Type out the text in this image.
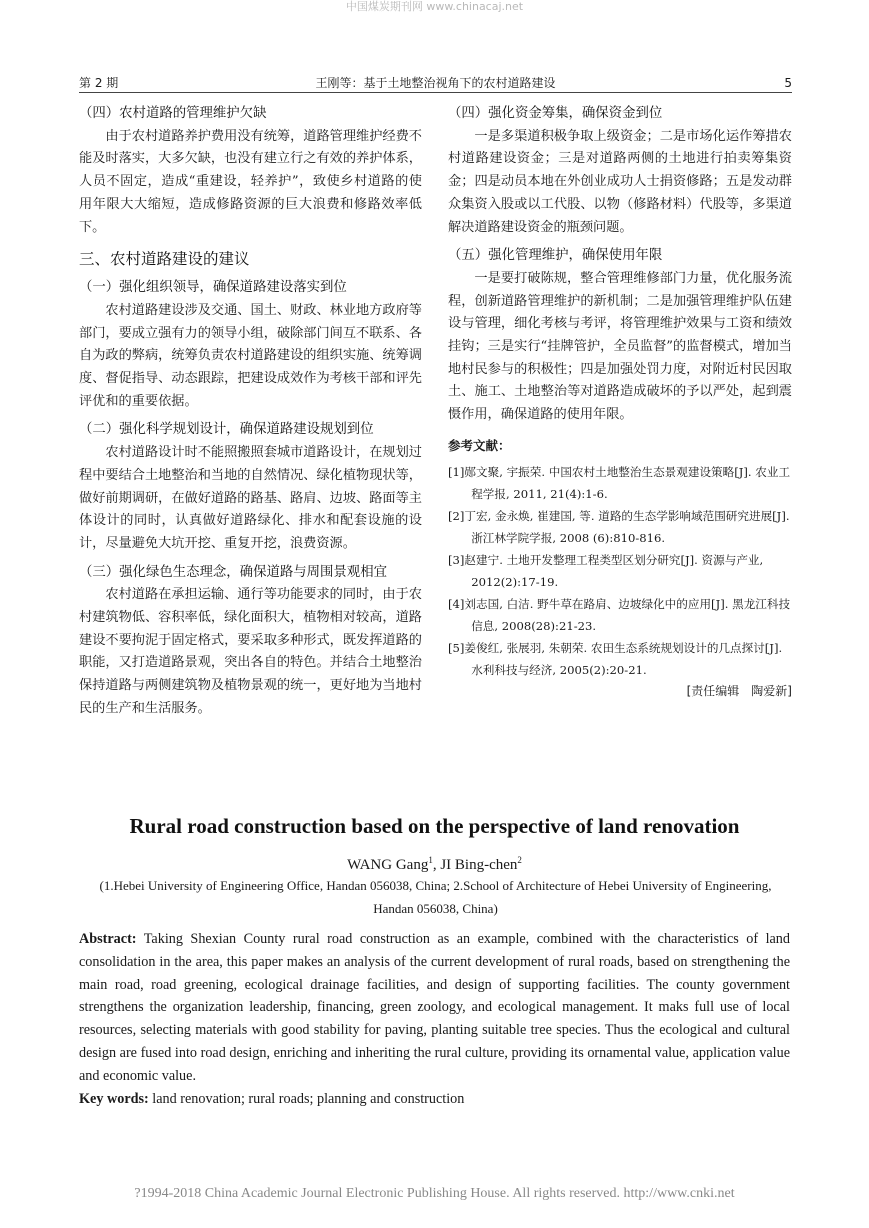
中国煤炭期刊网 www.chinacaj.net
第 2 期	王刚等：基于土地整治视角下的农村道路建设	5
（四）农村道路的管理维护欠缺

由于农村道路养护费用没有统筹，道路管理维护经费不能及时落实，大多欠缺，也没有建立行之有效的养护体系，人员不固定，造成“重建设，轻养护”，致使乡村道路的使用年限大大缩短，造成修路资源的巨大浪费和修路效率低下。

三、农村道路建设的建议
（一）强化组织领导，确保道路建设落实到位

农村道路建设涉及交通、国土、财政、林业地方政府等部门，要成立强有力的领导小组，破除部门间互不联系、各自为政的弊病，统筹负责农村道路建设的组织实施、统筹调度、督促指导、动态跟踪，把建设成效作为考核干部和评先评优和的重要依据。

（二）强化科学规划设计，确保道路建设规划到位

农村道路设计时不能照搬照套城市道路设计，在规划过程中要结合土地整治和当地的自然情况、绿化植物现状等，做好前期调研，在做好道路的路基、路肩、边坡、路面等主体设计的同时，认真做好道路绿化、排水和配套设施的设计，尽量避免大坑开挖、重复开挖，浪费资源。

（三）强化绿色生态理念，确保道路与周围景观相宜

农村道路在承担运输、通行等功能要求的同时，由于农村建筑物低、容积率低，绿化面积大，植物相对较高，道路建设不要拘泥于固定格式，要采取多种形式，既发挥道路的职能，又打造道路景观，突出各自的特色。并结合土地整治保持道路与两侧建筑物及植物景观的统一，更好地为当地村民的生产和生活服务。

（四）强化资金筹集，确保资金到位

一是多渠道积极争取上级资金；二是市场化运作筹措农村道路建设资金；三是对道路两侧的土地进行拍卖筹集资金；四是动员本地在外创业成功人士捐资修路；五是发动群众集资入股或以工代股、以物（修路材料）代股等，多渠道解决道路建设资金的瓶颈问题。

（五）强化管理维护，确保使用年限

一是要打破陈规，整合管理维修部门力量，优化服务流程，创新道路管理维护的新机制；二是加强管理维护队伍建设与管理，细化考核与考评，将管理维护效果与工资和绩效挂钩；三是实行“挂牌管护，全员监督”的监督模式，增加当地村民参与的积极性；四是加强处罚力度，对附近村民因取土、施工、土地整治等对道路造成破坏的予以严处，起到震慑作用，确保道路的使用年限。

参考文献：
[1]郧文聚, 宇振荣. 中国农村土地整治生态景观建设策略[J]. 农业工程学报, 2011, 21(4):1-6.
[2]丁宏, 金永焕, 崔建国, 等. 道路的生态学影响域范围研究进展[J]. 浙江林学院学报, 2008 (6):810-816.
[3]赵建宁. 土地开发整理工程类型区划分研究[J]. 资源与产业, 2012(2):17-19.
[4]刘志国, 白洁. 野牛草在路肩、边坡绿化中的应用[J]. 黑龙江科技信息, 2008(28):21-23.
[5]姜俊红, 张展羽, 朱朝荣. 农田生态系统规划设计的几点探讨[J]. 水利科技与经济, 2005(2):20-21.
[责任编辑　陶爱新]
Rural road construction based on the perspective of land renovation
WANG Gang$^1$, JI Bing-chen$^2$
(1.Hebei University of Engineering Office, Handan 056038, China; 2.School of Architecture of Hebei University of Engineering,
Handan 056038, China)

Abstract: Taking Shexian County rural road construction as an example, combined with the characteristics of land consolidation in the area, this paper makes an analysis of the current development of rural roads, based on strengthening the main road, road greening, ecological drainage facilities, and design of supporting facilities. The county government strengthens the organization leadership, financing, green zoology, and ecological management. It maks full use of local resources, selecting materials with good stability for paving, planting suitable tree species. Thus the ecological and cultural design are fused into road design, enriching and inheriting the rural culture, providing its ornamental value, application value and economic value.

Key words: land renovation; rural roads; planning and construction

?1994-2018 China Academic Journal Electronic Publishing House. All rights reserved. http://www.cnki.net
